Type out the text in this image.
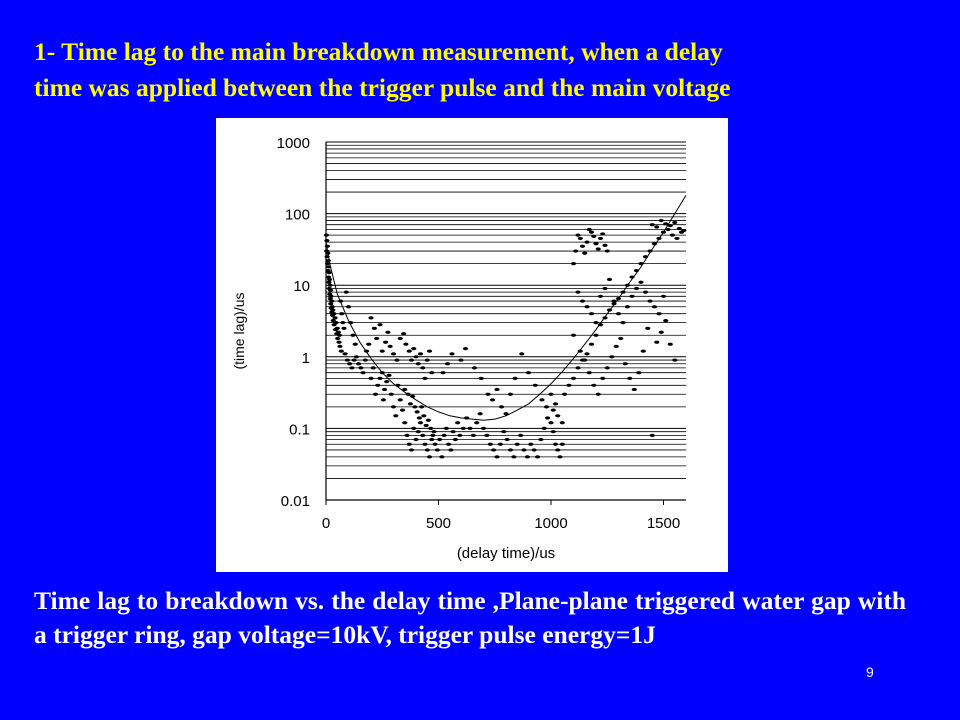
1- Time lag to the main breakdown measurement, when a delay
time was applied between the trigger pulse and the main voltage
1000
100
10
1
0.1
0.01
0	500	1000	1500
(delay time)/us
(time lag)/us

Time lag to breakdown vs. the delay time ,Plane-plane triggered water gap with a trigger ring, gap voltage=10kV, trigger pulse energy=1J

9
